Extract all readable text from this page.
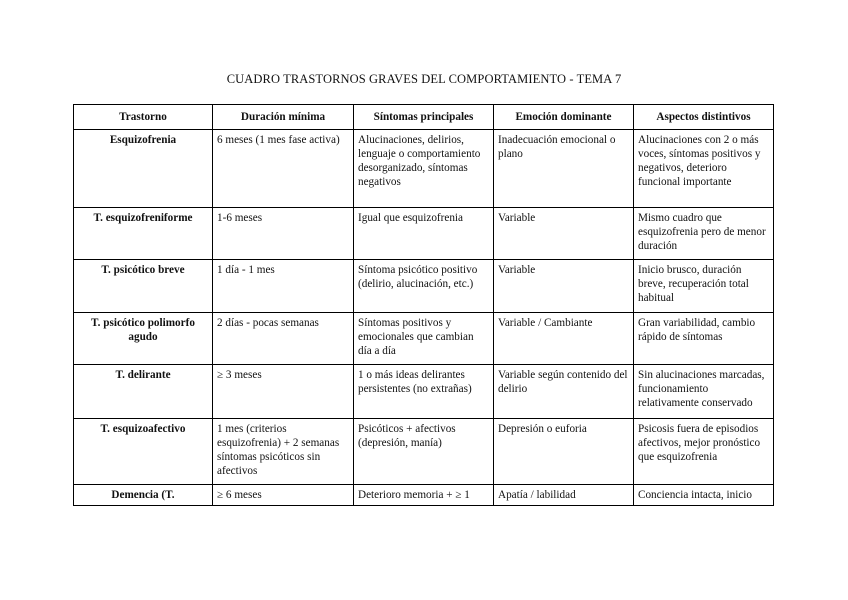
CUADRO TRASTORNOS GRAVES DEL COMPORTAMIENTO - TEMA 7
Trastorno	Duración mínima	Síntomas principales	Emoción dominante	Aspectos distintivos
Esquizofrenia	6 meses (1 mes fase activa)	Alucinaciones, delirios, lenguaje o comportamiento desorganizado, síntomas negativos	Inadecuación emocional o plano	Alucinaciones con 2 o más voces, síntomas positivos y negativos, deterioro funcional importante
T. esquizofreniforme	1-6 meses	Igual que esquizofrenia	Variable	Mismo cuadro que esquizofrenia pero de menor duración
T. psicótico breve	1 día - 1 mes	Síntoma psicótico positivo (delirio, alucinación, etc.)	Variable	Inicio brusco, duración breve, recuperación total habitual
T. psicótico polimorfo agudo	2 días - pocas semanas	Síntomas positivos y emocionales que cambian día a día	Variable / Cambiante	Gran variabilidad, cambio rápido de síntomas
T. delirante	≥ 3 meses	1 o más ideas delirantes persistentes (no extrañas)	Variable según contenido del delirio	Sin alucinaciones marcadas, funcionamiento relativamente conservado
T. esquizoafectivo	1 mes (criterios esquizofrenia) + 2 semanas síntomas psicóticos sin afectivos	Psicóticos + afectivos (depresión, manía)	Depresión o euforia	Psicosis fuera de episodios afectivos, mejor pronóstico que esquizofrenia
Demencia (T.	≥ 6 meses	Deterioro memoria + ≥ 1	Apatía / labilidad	Conciencia intacta, inicio
